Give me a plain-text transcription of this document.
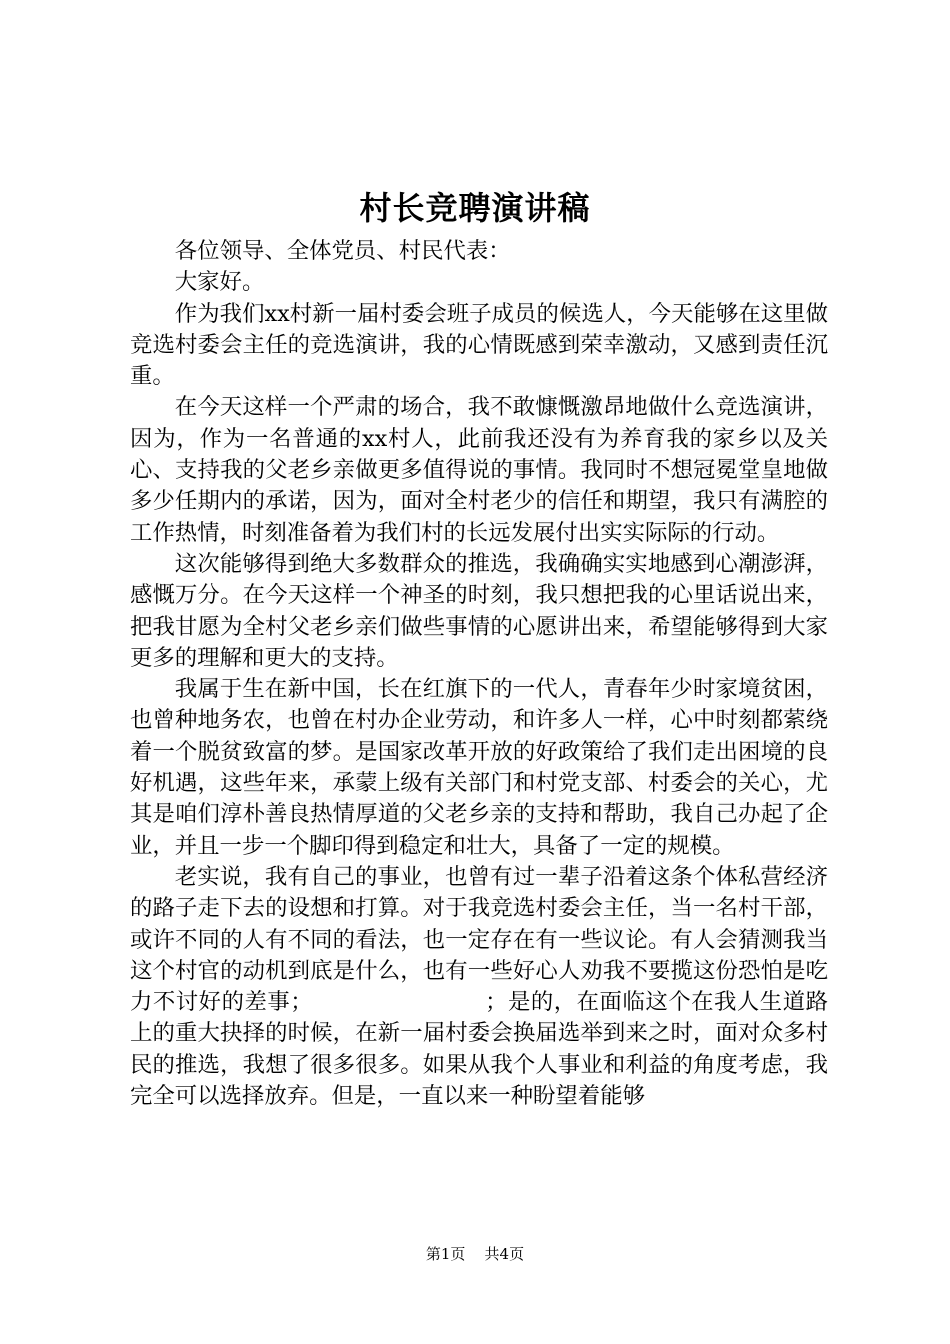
村长竞聘演讲稿

各位领导、全体党员、村民代表：

大家好。

作为我们xx村新一届村委会班子成员的候选人，今天能够在这里做竞选村委会主任的竞选演讲，我的心情既感到荣幸激动，又感到责任沉重。

在今天这样一个严肃的场合，我不敢慷慨激昂地做什么竞选演讲，因为，作为一名普通的xx村人，此前我还没有为养育我的家乡以及关心、支持我的父老乡亲做更多值得说的事情。我同时不想冠冕堂皇地做多少任期内的承诺，因为，面对全村老少的信任和期望，我只有满腔的工作热情，时刻准备着为我们村的长远发展付出实实际际的行动。

这次能够得到绝大多数群众的推选，我确确实实地感到心潮澎湃，感慨万分。在今天这样一个神圣的时刻，我只想把我的心里话说出来，把我甘愿为全村父老乡亲们做些事情的心愿讲出来，希望能够得到大家更多的理解和更大的支持。

我属于生在新中国，长在红旗下的一代人，青春年少时家境贫困，也曾种地务农，也曾在村办企业劳动，和许多人一样，心中时刻都萦绕着一个脱贫致富的梦。是国家改革开放的好政策给了我们走出困境的良好机遇，这些年来，承蒙上级有关部门和村党支部、村委会的关心，尤其是咱们淳朴善良热情厚道的父老乡亲的支持和帮助，我自己办起了企业，并且一步一个脚印得到稳定和壮大，具备了一定的规模。

老实说，我有自己的事业，也曾有过一辈子沿着这条个体私营经济的路子走下去的设想和打算。对于我竞选村委会主任，当一名村干部，或许不同的人有不同的看法，也一定存在有一些议论。有人会猜测我当这个村官的动机到底是什么，也有一些好心人劝我不要揽这份恐怕是吃力不讨好的差事；　　　　　　　　；是的，在面临这个在我人生道路上的重大抉择的时候，在新一届村委会换届选举到来之时，面对众多村民的推选，我想了很多很多。如果从我个人事业和利益的角度考虑，我完全可以选择放弃。但是，一直以来一种盼望着能够

第1页 共4页
